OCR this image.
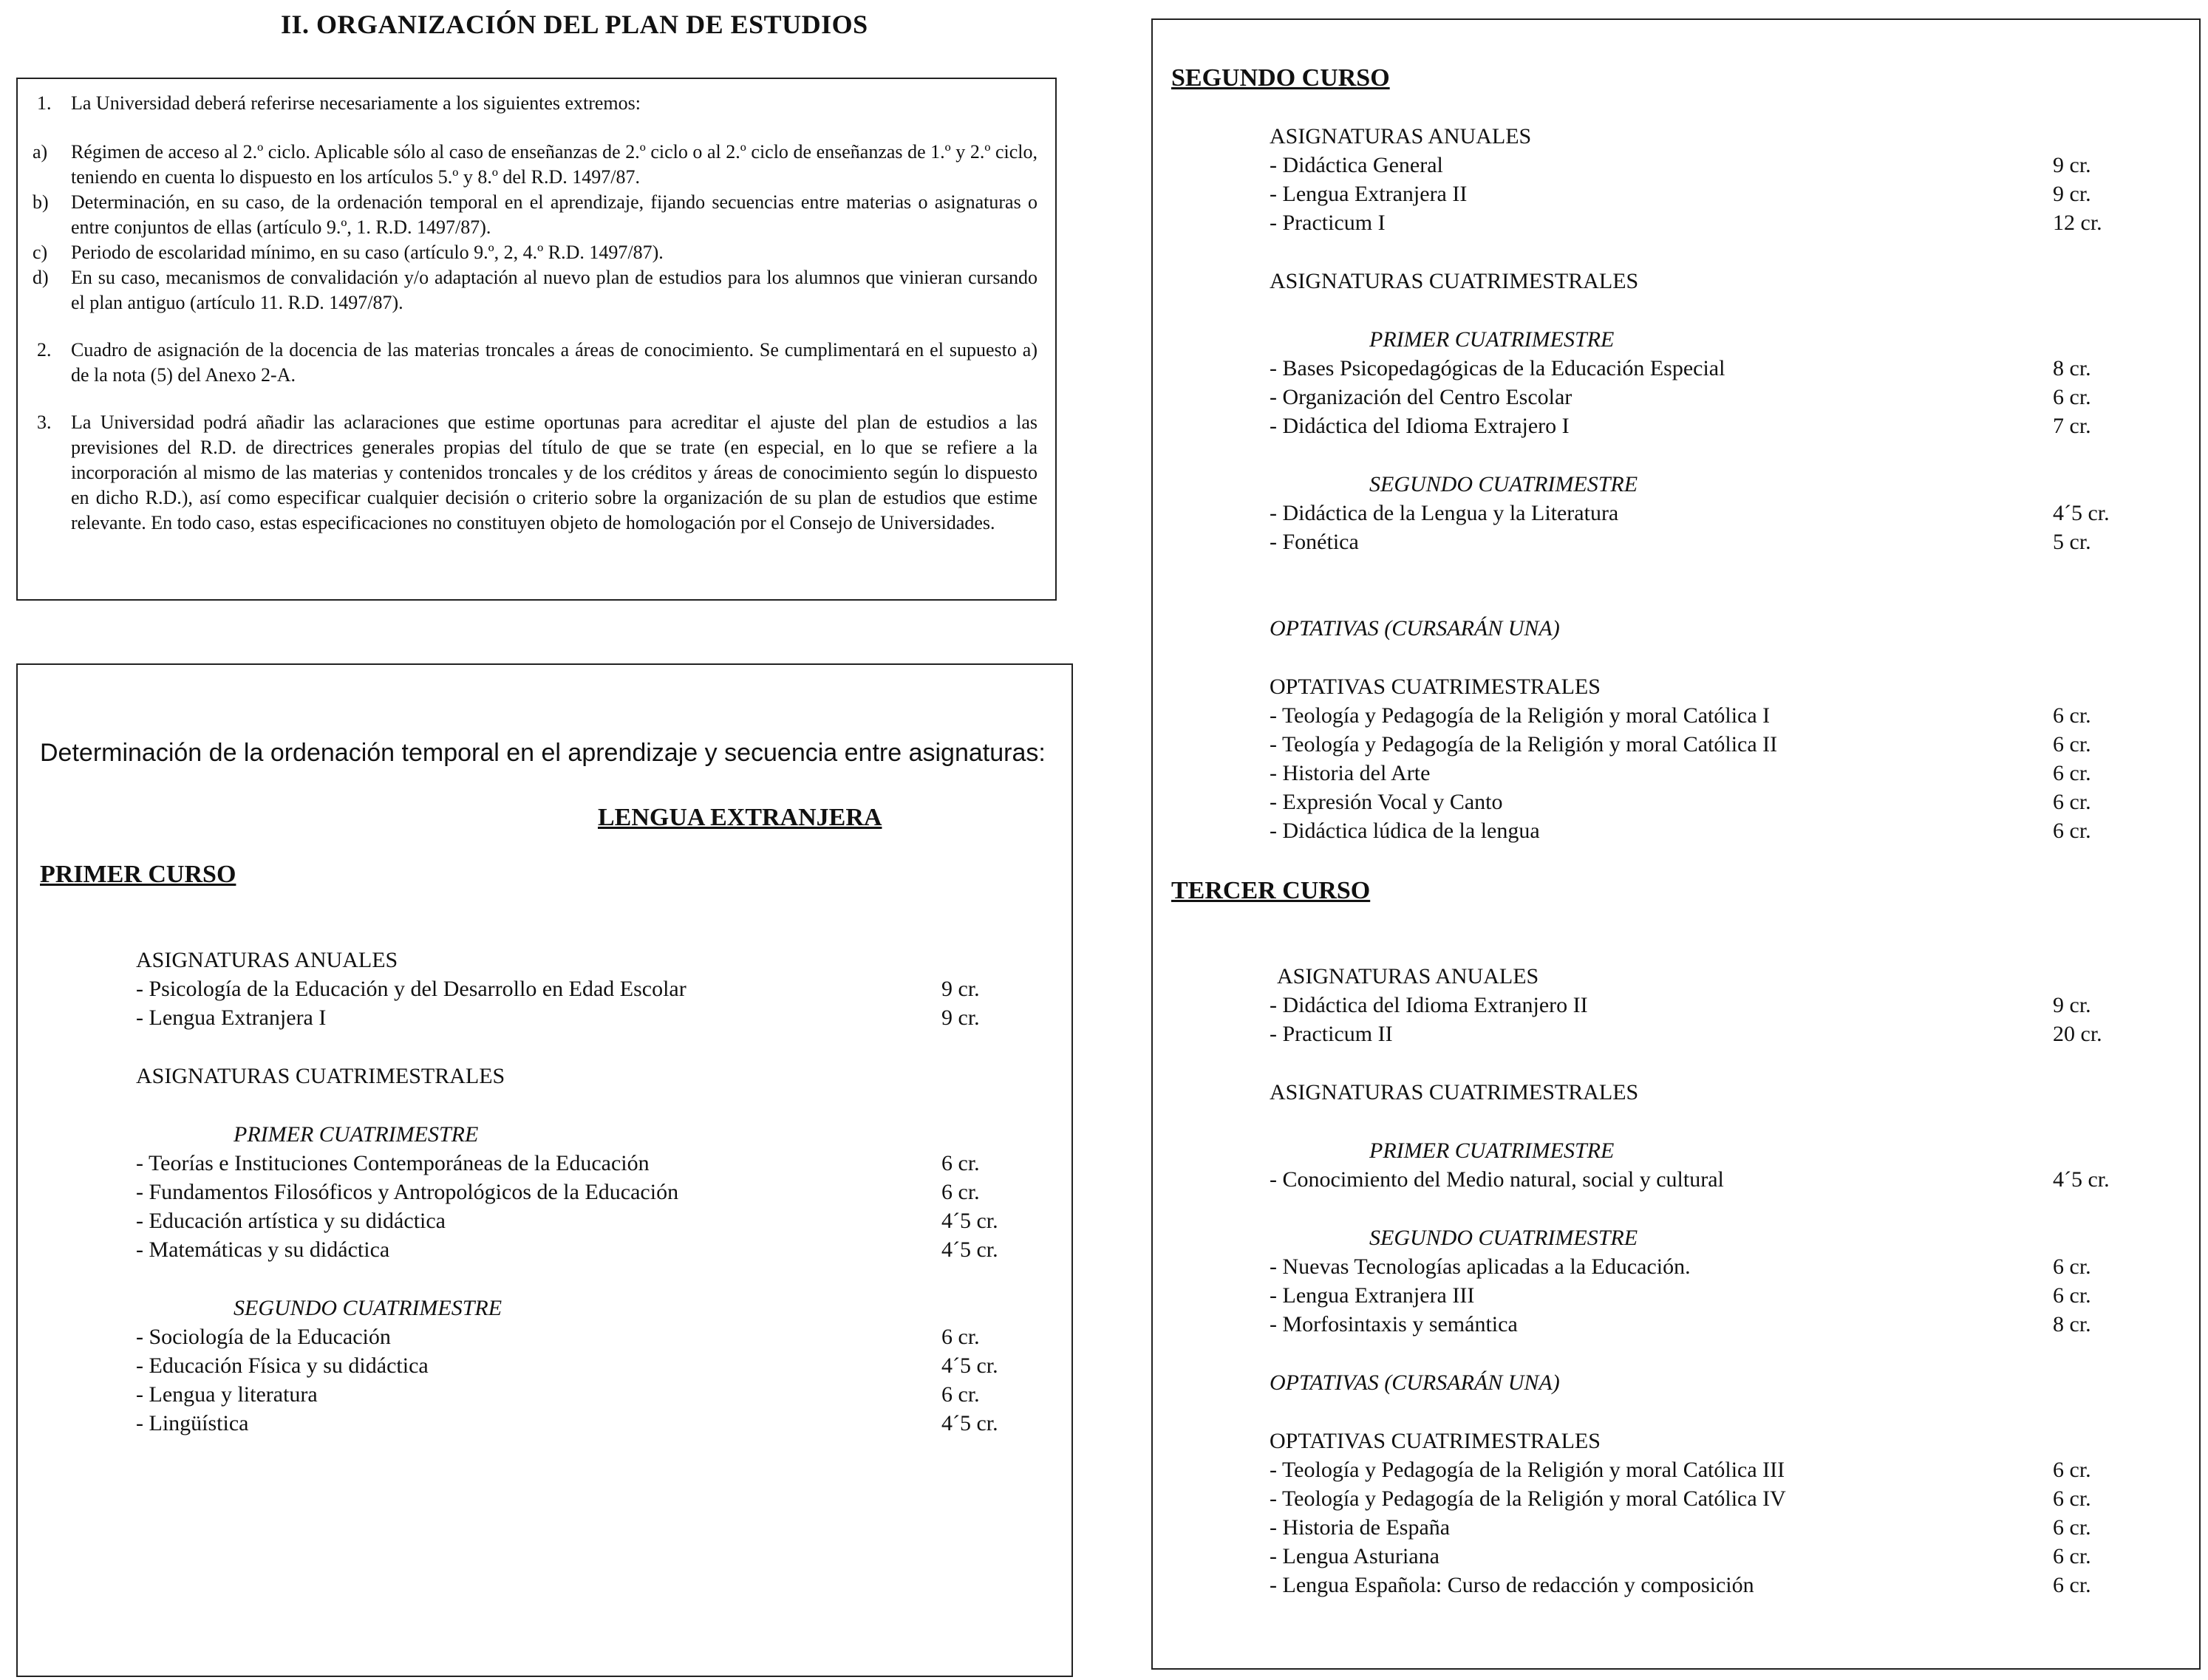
II. ORGANIZACIÓN DEL PLAN DE ESTUDIOS
1. La Universidad deberá referirse necesariamente a los siguientes extremos:
a) Régimen de acceso al 2.º ciclo. Aplicable sólo al caso de enseñanzas de 2.º ciclo o al 2.º ciclo de enseñanzas de 1.º y 2.º ciclo, teniendo en cuenta lo dispuesto en los artículos 5.º y 8.º del R.D. 1497/87.
b) Determinación, en su caso, de la ordenación temporal en el aprendizaje, fijando secuencias entre materias o asignaturas o entre conjuntos de ellas (artículo 9.º, 1. R.D. 1497/87).
c) Periodo de escolaridad mínimo, en su caso (artículo 9.º, 2, 4.º R.D. 1497/87).
d) En su caso, mecanismos de convalidación y/o adaptación al nuevo plan de estudios para los alumnos que vinieran cursando el plan antiguo (artículo 11. R.D. 1497/87).
2. Cuadro de asignación de la docencia de las materias troncales a áreas de conocimiento. Se cumplimentará en el supuesto a) de la nota (5) del Anexo 2-A.
3. La Universidad podrá añadir las aclaraciones que estime oportunas para acreditar el ajuste del plan de estudios a las previsiones del R.D. de directrices generales propias del título de que se trate (en especial, en lo que se refiere a la incorporación al mismo de las materias y contenidos troncales y de los créditos y áreas de conocimiento según lo dispuesto en dicho R.D.), así como especificar cualquier decisión o criterio sobre la organización de su plan de estudios que estime relevante. En todo caso, estas especificaciones no constituyen objeto de homologación por el Consejo de Universidades.
Determinación de la ordenación temporal en el aprendizaje y secuencia entre asignaturas:
LENGUA EXTRANJERA
PRIMER CURSO
ASIGNATURAS ANUALES
- Psicología de la Educación y del Desarrollo en Edad Escolar	9 cr.
- Lengua Extranjera I	9 cr.
ASIGNATURAS CUATRIMESTRALES
PRIMER CUATRIMESTRE
- Teorías e Instituciones Contemporáneas de la Educación	6 cr.
- Fundamentos Filosóficos y Antropológicos de la Educación	6 cr.
- Educación artística y su didáctica	4´5 cr.
- Matemáticas y su didáctica	4´5 cr.
SEGUNDO CUATRIMESTRE
- Sociología de la Educación	6 cr.
- Educación Física y su didáctica	4´5 cr.
- Lengua y literatura	6 cr.
- Lingüística	4´5 cr.
SEGUNDO CURSO
ASIGNATURAS ANUALES
- Didáctica General	9 cr.
- Lengua Extranjera II	9 cr.
- Practicum I	12 cr.
ASIGNATURAS CUATRIMESTRALES
PRIMER CUATRIMESTRE
- Bases Psicopedagógicas de la Educación Especial	8 cr.
- Organización del Centro Escolar	6 cr.
- Didáctica del Idioma Extrajero I	7 cr.
SEGUNDO CUATRIMESTRE
- Didáctica de la Lengua y la Literatura	4´5 cr.
- Fonética	5 cr.
OPTATIVAS (CURSARÁN UNA)
OPTATIVAS CUATRIMESTRALES
- Teología y Pedagogía de la Religión y moral Católica I	6 cr.
- Teología y Pedagogía de la Religión y moral Católica II	6 cr.
- Historia del Arte	6 cr.
- Expresión Vocal y Canto	6 cr.
- Didáctica lúdica de la lengua	6 cr.
TERCER CURSO
ASIGNATURAS ANUALES
- Didáctica del Idioma Extranjero II	9 cr.
- Practicum II	20 cr.
ASIGNATURAS CUATRIMESTRALES
PRIMER CUATRIMESTRE
- Conocimiento del Medio natural, social y cultural	4´5 cr.
SEGUNDO CUATRIMESTRE
- Nuevas Tecnologías aplicadas a la Educación.	6 cr.
- Lengua Extranjera III	6 cr.
- Morfosintaxis y semántica	8 cr.
OPTATIVAS (CURSARÁN UNA)
OPTATIVAS CUATRIMESTRALES
- Teología y Pedagogía de la Religión y moral Católica III	6 cr.
- Teología y Pedagogía de la Religión y moral Católica IV	6 cr.
- Historia de España	6 cr.
- Lengua Asturiana	6 cr.
- Lengua Española: Curso de redacción y composición	6 cr.
